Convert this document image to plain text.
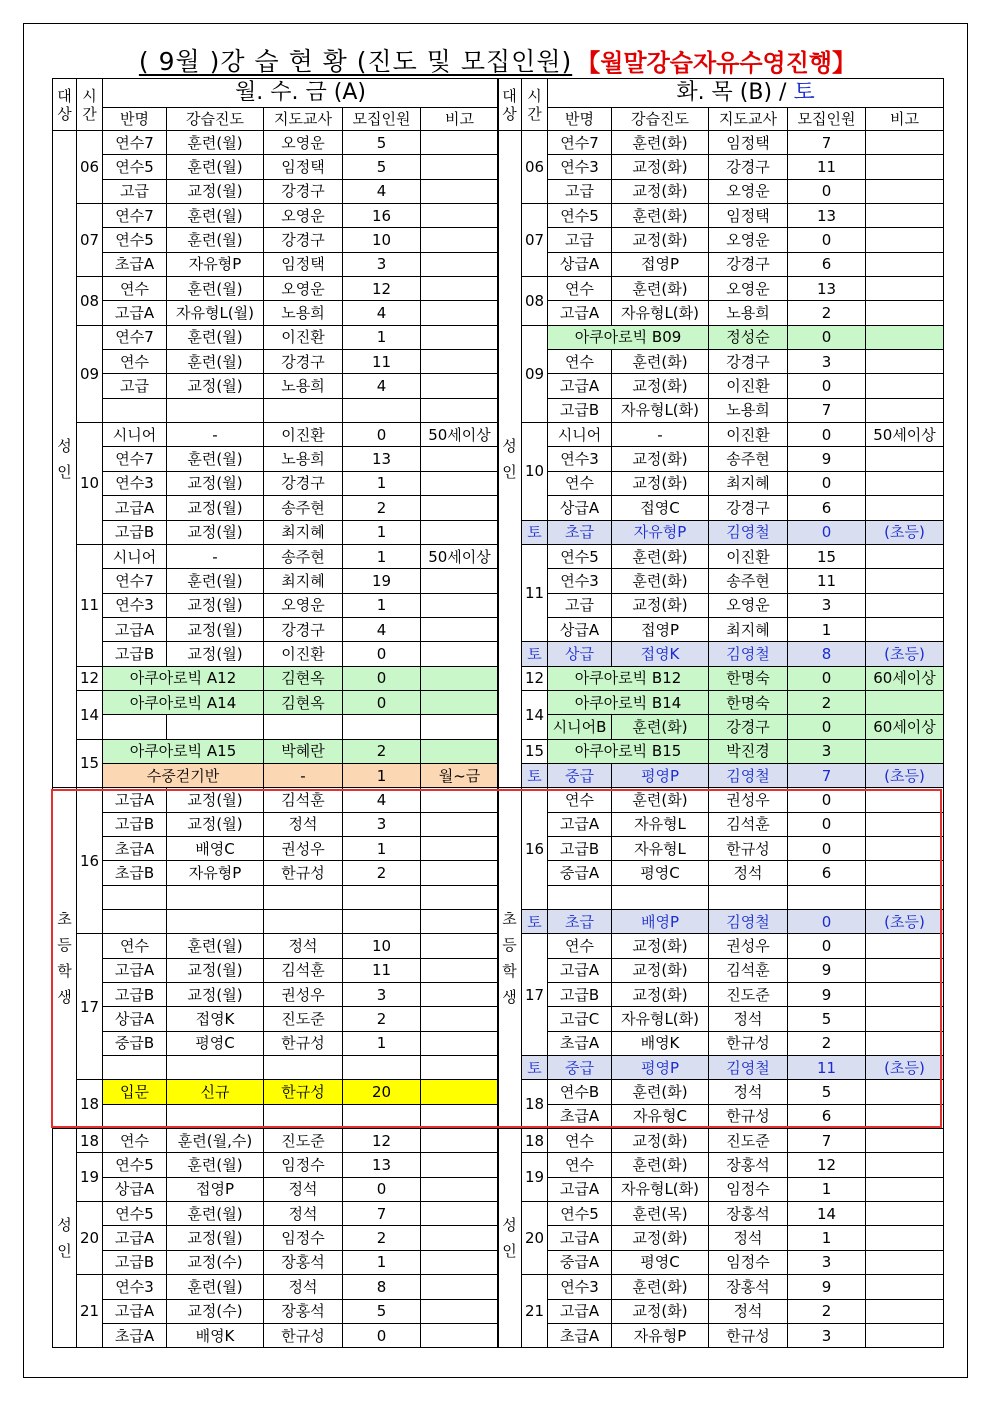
( 9월 )강 습 현 황 (진도 및 모집인원) 【월말강습자유수영진행】
대
상	시
간	월. 수. 금 (A)				
		반명	강습진도	지도교사	모집인원	비고
성
인	06	연수7	훈련(월)	오영운	5	
		연수5	훈련(월)	임정택	5	
		고급	교정(월)	강경구	4	
	07	연수7	훈련(월)	오영운	16	
		연수5	훈련(월)	강경구	10	
		초급A	자유형P	임정택	3	
	08	연수	훈련(월)	오영운	12	
		고급A	자유형L(월)	노용희	4	
	09	연수7	훈련(월)	이진환	1	
		연수	훈련(월)	강경구	11	
		고급	교정(월)	노용희	4	

	10	시니어	-	이진환	0	50세이상
		연수7	훈련(월)	노용희	13	
		연수3	교정(월)	강경구	1	
		고급A	교정(월)	송주현	2	
		고급B	교정(월)	최지혜	1	
	11	시니어	-	송주현	1	50세이상
		연수7	훈련(월)	최지혜	19	
		연수3	교정(월)	오영운	1	
		고급A	교정(월)	강경구	4	
		고급B	교정(월)	이진환	0	
	12	아쿠아로빅 A12		김현옥	0	
	14	아쿠아로빅 A14		김현옥	0	

	15	아쿠아로빅 A15		박혜란	2	
		수중걷기반		-	1	월~금
초
등
학
생	16	고급A	교정(월)	김석훈	4	
		고급B	교정(월)	정석	3	
		초급A	배영C	권성우	1	
		초급B	자유형P	한규성	2	

	17	연수	훈련(월)	정석	10	
		고급A	교정(월)	김석훈	11	
		고급B	교정(월)	권성우	3	
		상급A	접영K	진도준	2	
		중급B	평영C	한규성	1	

	18	입문	신규	한규성	20	

성
인	18	연수	훈련(월,수)	진도준	12	
	19	연수5	훈련(월)	임정수	13	
		상급A	접영P	정석	0	
	20	연수5	훈련(월)	정석	7	
		고급A	교정(월)	임정수	2	
		고급B	교정(수)	장홍석	1	
	21	연수3	훈련(월)	정석	8	
		고급A	교정(수)	장홍석	5	
		초급A	배영K	한규성	0	
대
상	시
간	화. 목 (B) / 토				
		반명	강습진도	지도교사	모집인원	비고
성
인	06	연수7	훈련(화)	임정택	7	
		연수3	교정(화)	강경구	11	
		고급	교정(화)	오영운	0	
	07	연수5	훈련(화)	임정택	13	
		고급	교정(화)	오영운	0	
		상급A	접영P	강경구	6	
	08	연수	훈련(화)	오영운	13	
		고급A	자유형L(화)	노용희	2	
	09	아쿠아로빅 B09		정성순	0	
		연수	훈련(화)	강경구	3	
		고급A	교정(화)	이진환	0	
		고급B	자유형L(화)	노용희	7	
	10	시니어	-	이진환	0	50세이상
		연수3	교정(화)	송주현	9	
		연수	교정(화)	최지혜	0	
		상급A	접영C	강경구	6	
	토	초급	자유형P	김영철	0	(초등)
	11	연수5	훈련(화)	이진환	15	
		연수3	훈련(화)	송주현	11	
		고급	교정(화)	오영운	3	
		상급A	접영P	최지혜	1	
	토	상급	접영K	김영철	8	(초등)
	12	아쿠아로빅 B12		한명숙	0	60세이상
	14	아쿠아로빅 B14		한명숙	2	
		시니어B	훈련(화)	강경구	0	60세이상
	15	아쿠아로빅 B15		박진경	3	
	토	중급	평영P	김영철	7	(초등)
초
등
학
생	16	연수	훈련(화)	권성우	0	
		고급A	자유형L	김석훈	0	
		고급B	자유형L	한규성	0	
		중급A	평영C	정석	6	

	토	초급	배영P	김영철	0	(초등)
	17	연수	교정(화)	권성우	0	
		고급A	교정(화)	김석훈	9	
		고급B	교정(화)	진도준	9	
		고급C	자유형L(화)	정석	5	
		초급A	배영K	한규성	2	
	토	중급	평영P	김영철	11	(초등)
	18	연수B	훈련(화)	정석	5	
		초급A	자유형C	한규성	6	
성
인	18	연수	교정(화)	진도준	7	
	19	연수	훈련(화)	장홍석	12	
		고급A	자유형L(화)	임정수	1	
	20	연수5	훈련(목)	장홍석	14	
		고급A	교정(화)	정석	1	
		중급A	평영C	임정수	3	
	21	연수3	훈련(화)	장홍석	9	
		고급A	교정(화)	정석	2	
		초급A	자유형P	한규성	3	
